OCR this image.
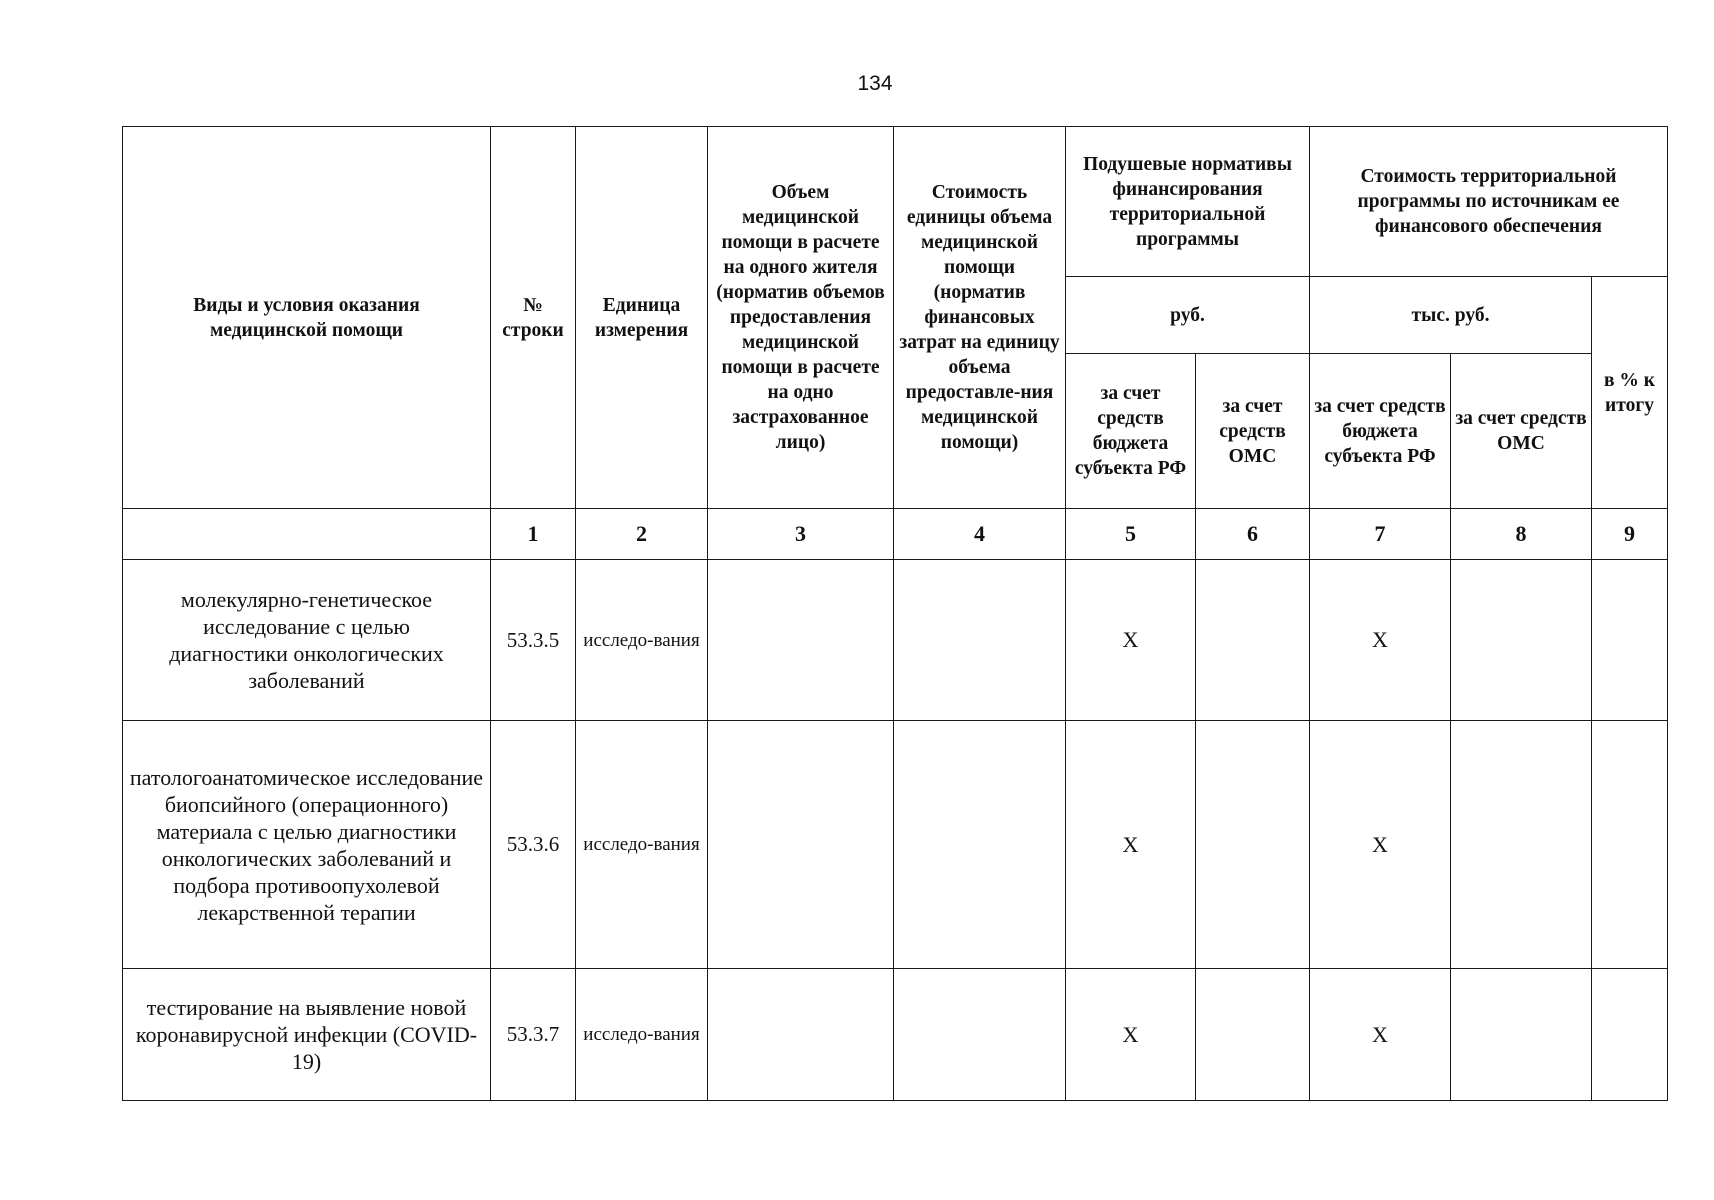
134
Виды и условия оказания медицинской помощи	№ строки	Единица измерения	Объем медицинской помощи в расчете на одного жителя (норматив объемов предоставления медицинской помощи в расчете на одно застрахованное лицо)	Стоимость единицы объема медицинской помощи (норматив финансовых затрат на единицу объема предоставле-ния медицинской помощи)	Подушевые нормативы финансирования территориальной программы		Стоимость территориальной программы по источникам ее финансового обеспечения		
					руб.		тыс. руб.		в % к итогу
					за счет средств бюджета субъекта РФ	за счет средств ОМС	за счет средств бюджета субъекта РФ	за счет средств ОМС	
	1	2	3	4	5	6	7	8	9
молекулярно-генетическое исследование с целью диагностики онкологических заболеваний	53.3.5	исследо-вания			X		X		
патологоанатомическое исследование биопсийного (операционного) материала с целью диагностики онкологических заболеваний и подбора противоопухолевой лекарственной терапии	53.3.6	исследо-вания			X		X		
тестирование на выявление новой коронавирусной инфекции (COVID-19)	53.3.7	исследо-вания			X		X		
